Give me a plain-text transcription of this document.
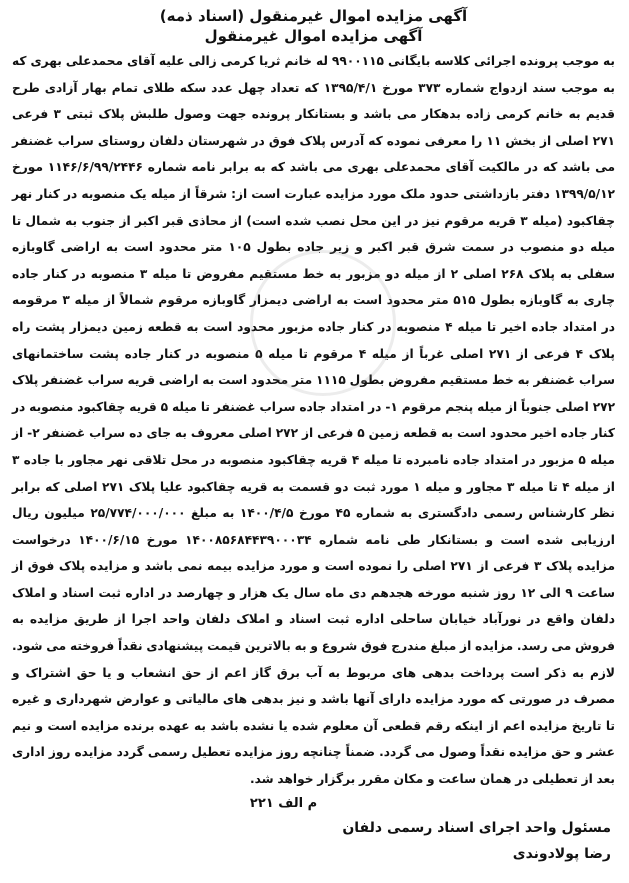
آگهی مزایده اموال غیرمنقول (اسناد ذمه)

آگهی مزایده اموال غیرمنقول

به موجب پرونده اجرائی کلاسه بایگانی ۹۹۰۰۱۱۵ له خانم ثریا کرمی زالی علیه آقای محمدعلی بهری که به موجب سند ازدواج شماره ۳۷۳ مورخ ۱۳۹۵/۴/۱ که تعداد چهل عدد سکه طلای تمام بهار آزادی طرح قدیم به خانم کرمی زاده بدهکار می باشد و بستانکار پرونده جهت وصول طلبش پلاک ثبتی ۳ فرعی ۲۷۱ اصلی از بخش ۱۱ را معرفی نموده که آدرس پلاک فوق در شهرستان دلفان روستای سراب غضنفر می باشد که در مالکیت آقای محمدعلی بهری می باشد که به برابر نامه شماره ۱۱۴۶/۶/۹۹/۲۴۴۶ مورخ ۱۳۹۹/۵/۱۲ دفتر بازداشتی حدود ملک مورد مزایده عبارت است از: شرقاً از میله یک منصوبه در کنار نهر چقاکبود (میله ۳ قریه مرقوم نیز در این محل نصب شده است) از محاذی قبر اکبر از جنوب به شمال تا میله دو منصوب در سمت شرق قبر اکبر و زیر جاده بطول ۱۰۵ متر محدود است به اراضی گاوبازه سفلی به پلاک ۲۶۸ اصلی ۲ از میله دو مزبور به خط مستقیم مفروض تا میله ۳ منصوبه در کنار جاده چاری به گاوبازه بطول ۵۱۵ متر محدود است به اراضی دیمزار گاوبازه مرقوم شمالاً از میله ۳ مرقومه در امتداد جاده اخیر تا میله ۴ منصوبه در کنار جاده مزبور محدود است به قطعه زمین دیمزار پشت راه پلاک ۴ فرعی از ۲۷۱ اصلی غرباً از میله ۴ مرقوم تا میله ۵ منصوبه در کنار جاده پشت ساختمانهای سراب غضنفر به خط مستقیم مفروض بطول ۱۱۱۵ متر محدود است به اراضی قریه سراب غضنفر پلاک ۲۷۲ اصلی جنوباً از میله پنجم مرقوم ۱- در امتداد جاده سراب غضنفر تا میله ۵ قریه چقاکبود منصوبه در کنار جاده اخیر محدود است به قطعه زمین ۵ فرعی از ۲۷۲ اصلی معروف به جای ده سراب غضنفر ۲- از میله ۵ مزبور در امتداد جاده نامبرده تا میله ۴ قریه چقاکبود منصوبه در محل تلاقی نهر مجاور با جاده ۳ از میله ۴ تا میله ۳ مجاور و میله ۱ مورد ثبت دو قسمت به قریه چقاکبود علیا پلاک ۲۷۱ اصلی که برابر نظر کارشناس رسمی دادگستری به شماره ۴۵ مورخ ۱۴۰۰/۴/۵ به مبلغ ۲۵/۷۷۴/۰۰۰/۰۰۰ میلیون ریال ارزیابی شده است و بستانکار طی نامه شماره ۱۴۰۰۸۵۶۸۴۴۳۹۰۰۰۳۴ مورخ ۱۴۰۰/۶/۱۵ درخواست مزایده پلاک ۳ فرعی از ۲۷۱ اصلی را نموده است و مورد مزایده بیمه نمی باشد و مزایده پلاک فوق از ساعت ۹ الی ۱۲ روز شنبه مورخه هجدهم دی ماه سال یک هزار و چهارصد در اداره ثبت اسناد و املاک دلفان واقع در نورآباد خیابان ساحلی اداره ثبت اسناد و املاک دلفان واحد اجرا از طریق مزایده به فروش می رسد. مزایده از مبلغ مندرج فوق شروع و به بالاترین قیمت پیشنهادی نقداً فروخته می شود. لازم به ذکر است پرداخت بدهی های مربوط به آب برق گاز اعم از حق انشعاب و یا حق اشتراک و مصرف در صورتی که مورد مزایده دارای آنها باشد و نیز بدهی های مالیاتی و عوارض شهرداری و غیره تا تاریخ مزایده اعم از اینکه رقم قطعی آن معلوم شده یا نشده باشد به عهده برنده مزایده است و نیم عشر و حق مزایده نقداً وصول می گردد. ضمناً چنانچه روز مزایده تعطیل رسمی گردد مزایده روز اداری بعد از تعطیلی در همان ساعت و مکان مقرر برگزار خواهد شد.

م الف ۲۲۱

مسئول واحد اجرای اسناد رسمی دلفان

رضا پولادوندی
